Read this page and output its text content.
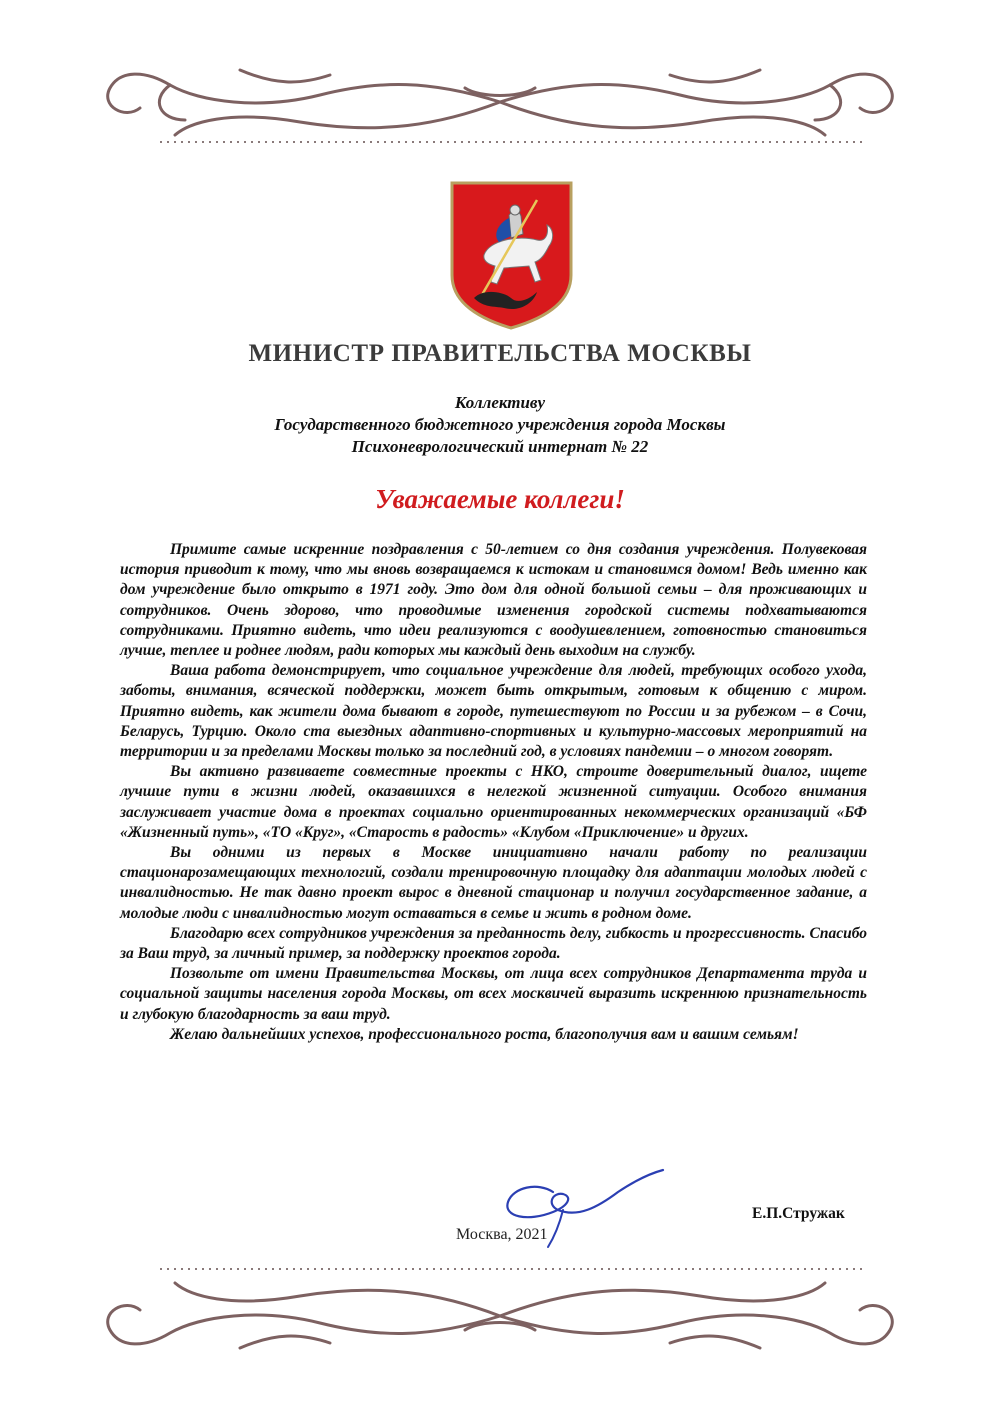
МИНИСТР ПРАВИТЕЛЬСТВА МОСКВЫ
Коллективу
Государственного бюджетного учреждения города Москвы
Психоневрологический интернат № 22
Уважаемые коллеги!

Примите самые искренние поздравления с 50-летием со дня создания учреждения. Полувековая история приводит к тому, что мы вновь возвращаемся к истокам и становимся домом! Ведь именно как дом учреждение было открыто в 1971 году. Это дом для одной большой семьи – для проживающих и сотрудников. Очень здорово, что проводимые изменения городской системы подхватываются сотрудниками. Приятно видеть, что идеи реализуются с воодушевлением, готовностью становиться лучше, теплее и роднее людям, ради которых мы каждый день выходим на службу.

Ваша работа демонстрирует, что социальное учреждение для людей, требующих особого ухода, заботы, внимания, всяческой поддержки, может быть открытым, готовым к общению с миром. Приятно видеть, как жители дома бывают в городе, путешествуют по России и за рубежом – в Сочи, Беларусь, Турцию. Около ста выездных адаптивно-спортивных и культурно-массовых мероприятий на территории и за пределами Москвы только за последний год, в условиях пандемии – о многом говорят.

Вы активно развиваете совместные проекты с НКО, строите доверительный диалог, ищете лучшие пути в жизни людей, оказавшихся в нелегкой жизненной ситуации. Особого внимания заслуживает участие дома в проектах социально ориентированных некоммерческих организаций «БФ «Жизненный путь», «ТО «Круг», «Старость в радость» «Клубом «Приключение» и других.

Вы одними из первых в Москве инициативно начали работу по реализации стационарозамещающих технологий, создали тренировочную площадку для адаптации молодых людей с инвалидностью. Не так давно проект вырос в дневной стационар и получил государственное задание, а молодые люди с инвалидностью могут оставаться в семье и жить в родном доме.

Благодарю всех сотрудников учреждения за преданность делу, гибкость и прогрессивность. Спасибо за Ваш труд, за личный пример, за поддержку проектов города.

Позвольте от имени Правительства Москвы, от лица всех сотрудников Департамента труда и социальной защиты населения города Москвы, от всех москвичей выразить искреннюю признательность и глубокую благодарность за ваш труд.

Желаю дальнейших успехов, профессионального роста, благополучия вам и вашим семьям!

Москва, 2021
Е.П.Стружак
